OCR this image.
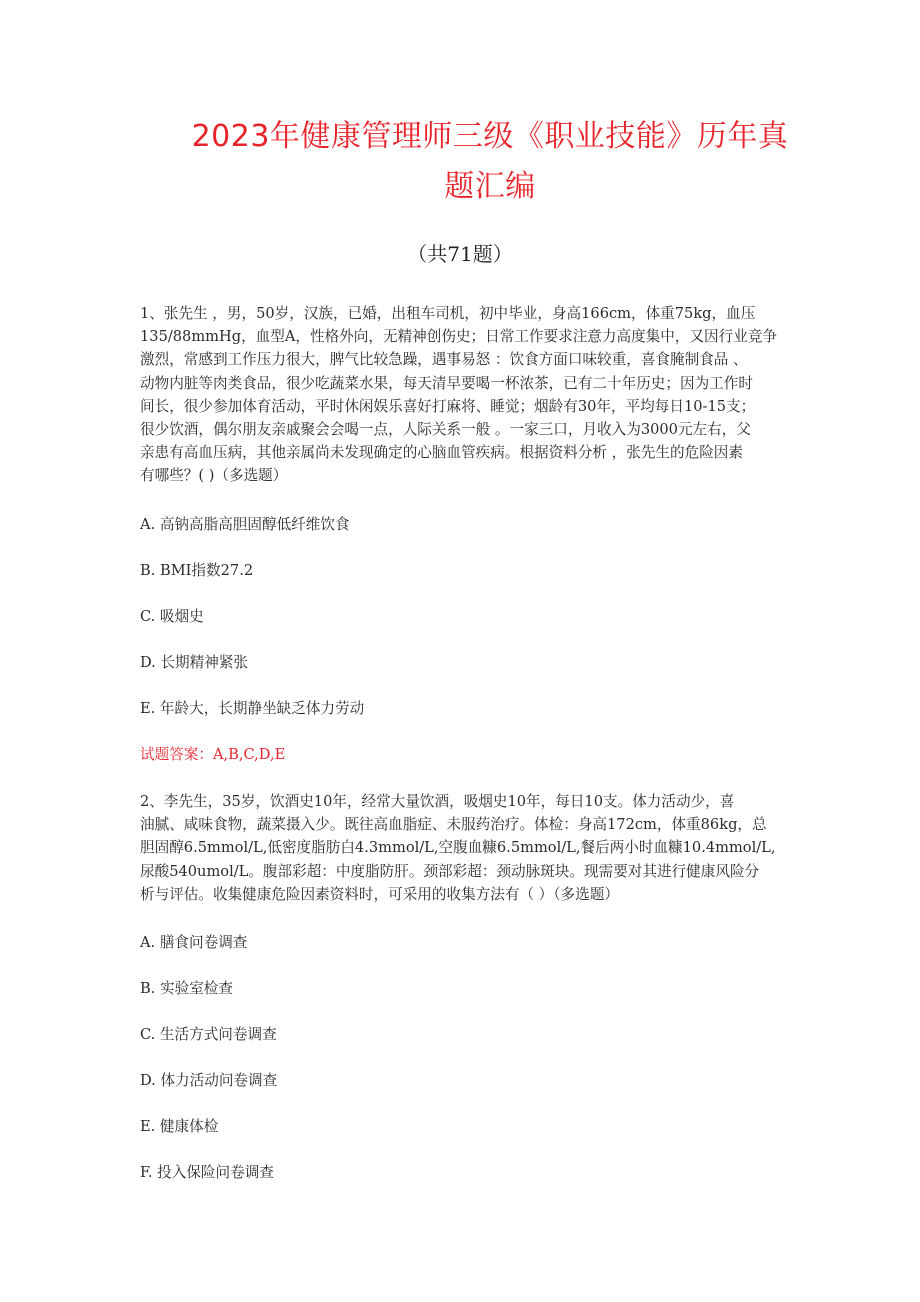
2023年健康管理师三级《职业技能》历年真
题汇编
（共71题）
1、张先生 ，男，50岁，汉族，已婚，出租车司机，初中毕业，身高166cm，体重75kg，血压
135/88mmHg，血型A，性格外向，无精神创伤史；日常工作要求注意力高度集中，又因行业竞争
激烈，常感到工作压力很大，脾气比较急躁，遇事易怒 ：饮食方面口味较重，喜食腌制食品 、
动物内脏等肉类食品，很少吃蔬菜水果，每天清早要喝一杯浓茶，已有二十年历史；因为工作时
间长，很少参加体育活动，平时休闲娱乐喜好打麻将、睡觉；烟龄有30年，平均每日10-15支；
很少饮酒，偶尔朋友亲戚聚会会喝一点，人际关系一般 。一家三口，月收入为3000元左右，父
亲患有高血压病，其他亲属尚未发现确定的心脑血管疾病。根据资料分析 ，张先生的危险因素
有哪些？( )（多选题）
A. 高钠高脂高胆固醇低纤维饮食
B. BMI指数27.2
C. 吸烟史
D. 长期精神紧张
E. 年龄大，长期静坐缺乏体力劳动
试题答案：A,B,C,D,E
2、李先生，35岁，饮酒史10年，经常大量饮酒，吸烟史10年，每日10支。体力活动少，喜
油腻、咸味食物，蔬菜摄入少。既往高血脂症、未服药治疗。体检：身高172cm，体重86kg，总
胆固醇6.5mmol/L,低密度脂肪白4.3mmol/L,空腹血糠6.5mmol/L,餐后两小时血糠10.4mmol/L,
尿酸540umol/L。腹部彩超：中度脂防肝。颈部彩超：颈动脉斑块。现需要对其进行健康风险分
析与评估。收集健康危险因素资料时，可采用的收集方法有（ ）（多选题）
A. 膳食问卷调查
B. 实验室检查
C. 生活方式问卷调查
D. 体力活动问卷调查
E. 健康体检
F. 投入保险问卷调查
